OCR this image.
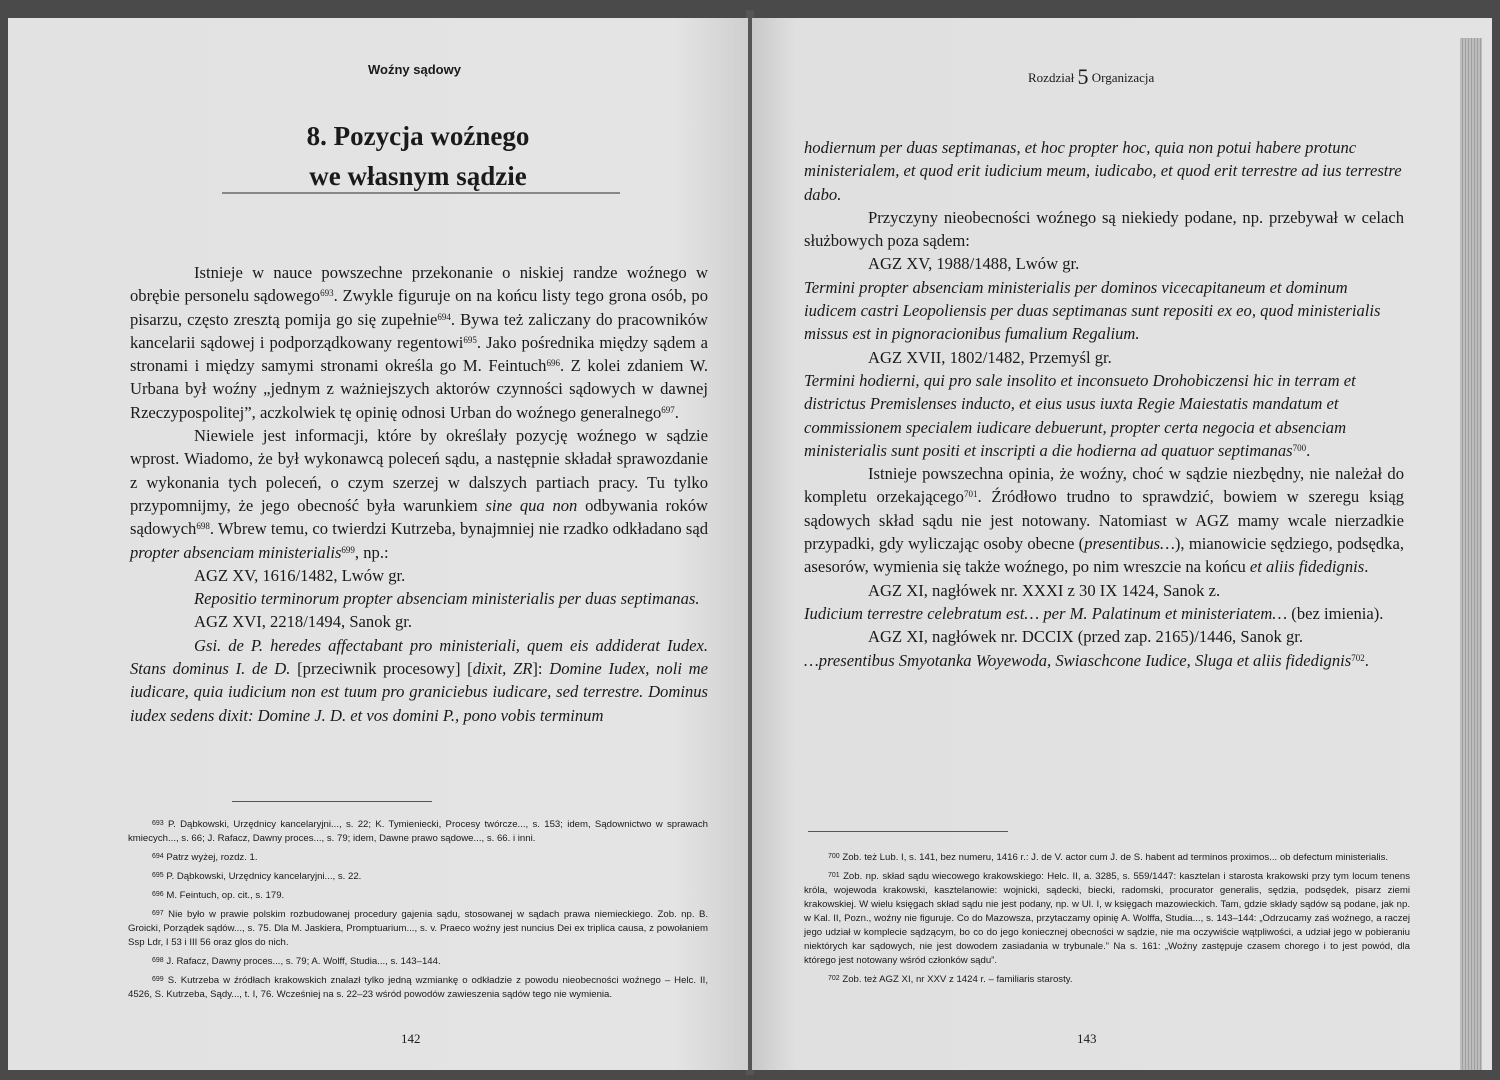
Woźny sądowy
8. Pozycja woźnego
we własnym sądzie

Istnieje w nauce powszechne przekonanie o niskiej randze woźnego w obrębie personelu sądowego$^{693}$. Zwykle figuruje on na końcu listy tego grona osób, po pisarzu, często zresztą pomija go się zupełnie$^{694}$. Bywa też zaliczany do pracowników kancelarii sądowej i podporządkowany regentowi$^{695}$. Jako pośrednika między sądem a stronami i między samymi stronami określa go M. Feintuch$^{696}$. Z kolei zdaniem W. Urbana był woźny „jednym z ważniejszych aktorów czynności sądowych w dawnej Rzeczypospolitej”, aczkolwiek tę opinię odnosi Urban do woźnego generalnego$^{697}$.

Niewiele jest informacji, które by określały pozycję woźnego w sądzie wprost. Wiadomo, że był wykonawcą poleceń sądu, a następnie składał sprawozdanie z wykonania tych poleceń, o czym szerzej w dalszych partiach pracy. Tu tylko przypomnijmy, że jego obecność była warunkiem sine qua non odbywania roków sądowych$^{698}$. Wbrew temu, co twierdzi Kutrzeba, bynajmniej nie rzadko odkładano sąd propter absenciam ministerialis$^{699}$, np.:

AGZ XV, 1616/1482, Lwów gr.

Repositio terminorum propter absenciam ministerialis per duas septimanas.

AGZ XVI, 2218/1494, Sanok gr.

Gsi. de P. heredes affectabant pro ministeriali, quem eis addiderat Iudex. Stans dominus I. de D. [przeciwnik procesowy] [dixit, ZR]: Domine Iudex, noli me iudicare, quia iudicium non est tuum pro graniciebus iudicare, sed terrestre. Dominus iudex sedens dixit: Domine J. D. et vos domini P., pono vobis terminum

$^{693}$ P. Dąbkowski, Urzędnicy kancelaryjni..., s. 22; K. Tymieniecki, Procesy twórcze..., s. 153; idem, Sądownictwo w sprawach kmiecych..., s. 66; J. Rafacz, Dawny proces..., s. 79; idem, Dawne prawo sądowe..., s. 66. i inni.

$^{694}$ Patrz wyżej, rozdz. 1.

$^{695}$ P. Dąbkowski, Urzędnicy kancelaryjni..., s. 22.

$^{696}$ M. Feintuch, op. cit., s. 179.

$^{697}$ Nie było w prawie polskim rozbudowanej procedury gajenia sądu, stosowanej w sądach prawa niemieckiego. Zob. np. B. Groicki, Porządek sądów..., s. 75. Dla M. Jaskiera, Promptuarium..., s. v. Praeco woźny jest nuncius Dei ex triplica causa, z powołaniem Ssp Ldr, I 53 i III 56 oraz glos do nich.

$^{698}$ J. Rafacz, Dawny proces..., s. 79; A. Wolff, Studia..., s. 143–144.

$^{699}$ S. Kutrzeba w źródłach krakowskich znalazł tylko jedną wzmiankę o odkładzie z powodu nieobecności woźnego – Helc. II, 4526, S. Kutrzeba, Sądy..., t. I, 76. Wcześniej na s. 22–23 wśród powodów zawieszenia sądów tego nie wymienia.

142
Rozdział 5 Organizacja

hodiernum per duas septimanas, et hoc propter hoc, quia non potui habere protunc ministerialem, et quod erit iudicium meum, iudicabo, et quod erit terrestre ad ius terrestre dabo.

Przyczyny nieobecności woźnego są niekiedy podane, np. przebywał w celach służbowych poza sądem:

AGZ XV, 1988/1488, Lwów gr.

Termini propter absenciam ministerialis per dominos vicecapitaneum et dominum iudicem castri Leopoliensis per duas septimanas sunt repositi ex eo, quod ministerialis missus est in pignoracionibus fumalium Regalium.

AGZ XVII, 1802/1482, Przemyśl gr.

Termini hodierni, qui pro sale insolito et inconsueto Drohobiczensi hic in terram et districtus Premislenses inducto, et eius usus iuxta Regie Maiestatis mandatum et commissionem specialem iudicare debuerunt, propter certa negocia et absenciam ministerialis sunt positi et inscripti a die hodierna ad quatuor septimanas$^{700}$.

Istnieje powszechna opinia, że woźny, choć w sądzie niezbędny, nie należał do kompletu orzekającego$^{701}$. Źródłowo trudno to sprawdzić, bowiem w szeregu ksiąg sądowych skład sądu nie jest notowany. Natomiast w AGZ mamy wcale nierzadkie przypadki, gdy wyliczając osoby obecne (presentibus…), mianowicie sędziego, podsędka, asesorów, wymienia się także woźnego, po nim wreszcie na końcu et aliis fidedignis.

AGZ XI, nagłówek nr. XXXI z 30 IX 1424, Sanok z.

Iudicium terrestre celebratum est… per M. Palatinum et ministeriatem… (bez imienia).

AGZ XI, nagłówek nr. DCCIX (przed zap. 2165)/1446, Sanok gr.

…presentibus Smyotanka Woyewoda, Swiaschcone Iudice, Sluga et aliis fidedignis$^{702}$.

$^{700}$ Zob. też Lub. I, s. 141, bez numeru, 1416 r.: J. de V. actor cum J. de S. habent ad terminos proximos... ob defectum ministerialis.

$^{701}$ Zob. np. skład sądu wiecowego krakowskiego: Helc. II, a. 3285, s. 559/1447: kasztelan i starosta krakowski przy tym locum tenens króla, wojewoda krakowski, kasztelanowie: wojnicki, sądecki, biecki, radomski, procurator generalis, sędzia, podsędek, pisarz ziemi krakowskiej. W wielu księgach skład sądu nie jest podany, np. w Ul. I, w księgach mazowieckich. Tam, gdzie składy sądów są podane, jak np. w Kal. II, Pozn., woźny nie figuruje. Co do Mazowsza, przytaczamy opinię A. Wolffa, Studia..., s. 143–144: „Odrzucamy zaś woźnego, a raczej jego udział w komplecie sądzącym, bo co do jego koniecznej obecności w sądzie, nie ma oczywiście wątpliwości, a udział jego w pobieraniu niektórych kar sądowych, nie jest dowodem zasiadania w trybunale.” Na s. 161: „Woźny zastępuje czasem chorego i to jest powód, dla którego jest notowany wśród członków sądu”.

$^{702}$ Zob. też AGZ XI, nr XXV z 1424 r. – familiaris starosty.

143
